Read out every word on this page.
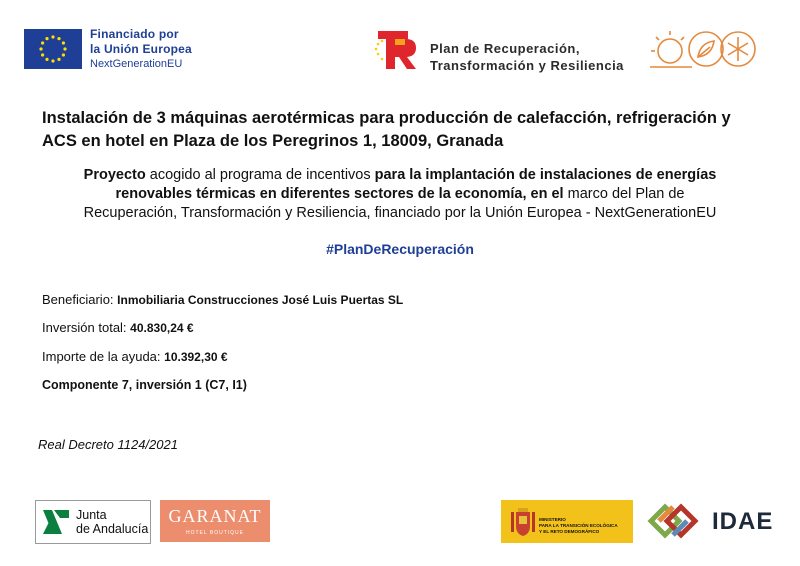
Financiado por
la Unión Europea
NextGenerationEU
Plan de Recuperación,
Transformación y Resiliencia
Instalación de 3 máquinas aerotérmicas para producción de calefacción, refrigeración y ACS en hotel en Plaza de los Peregrinos 1, 18009, Granada
Proyecto acogido al programa de incentivos para la implantación de instalaciones de energías
renovables térmicas en diferentes sectores de la economía, en el marco del Plan de
Recuperación, Transformación y Resiliencia, financiado por la Unión Europea - NextGenerationEU
#PlanDeRecuperación
Beneficiario: Inmobiliaria Construcciones José Luis Puertas SL
Inversión total: 40.830,24 €
Importe de la ayuda: 10.392,30 €
Componente 7, inversión 1 (C7, I1)
Real Decreto 1124/2021
Junta
de Andalucía
GARANAT
HOTEL BOUTIQUE
MINISTERIO
PARA LA TRANSICIÓN ECOLÓGICA
Y EL RETO DEMOGRÁFICO	IDAE
